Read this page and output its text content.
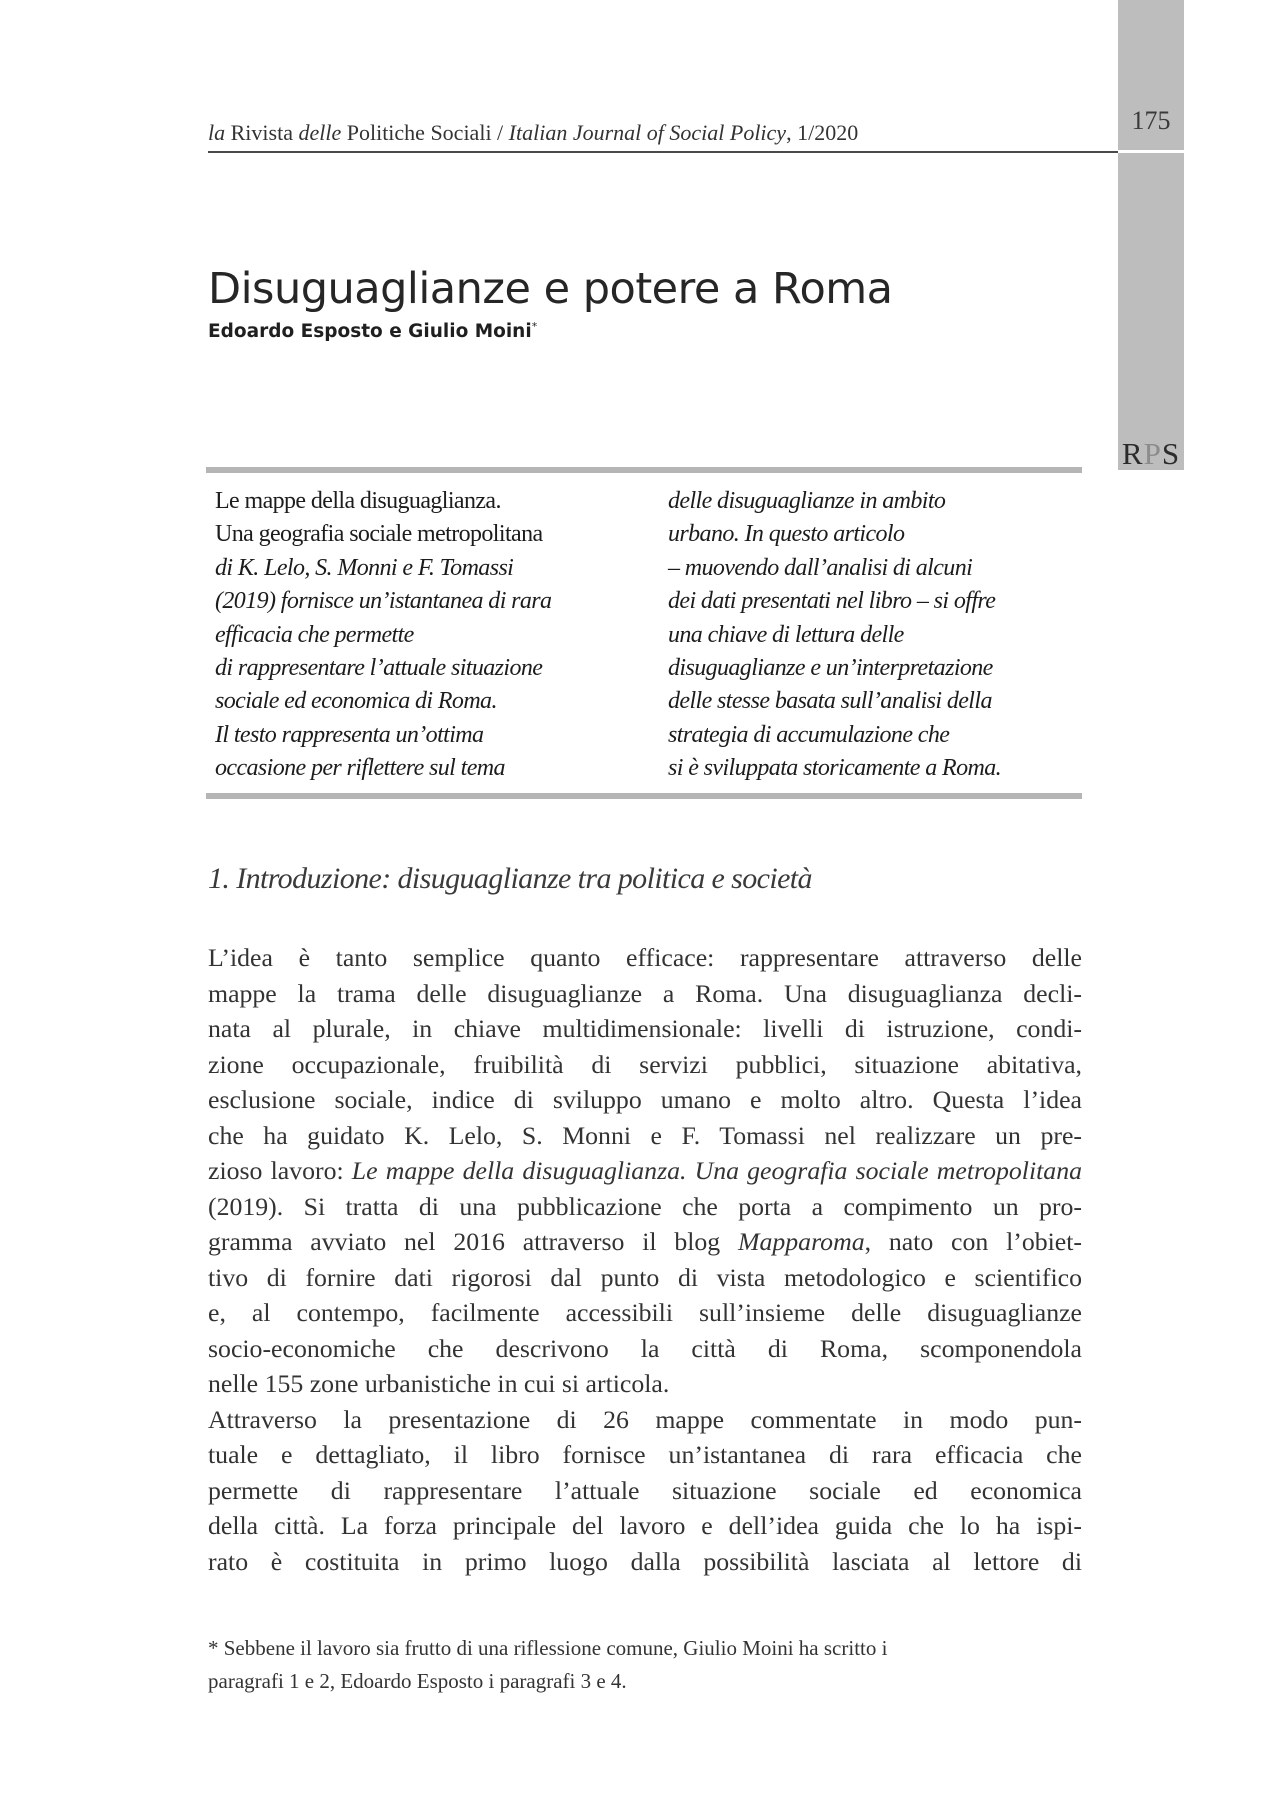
175
RPS
la Rivista delle Politiche Sociali / Italian Journal of Social Policy, 1/2020
Disuguaglianze e potere a Roma
Edoardo Esposto e Giulio Moini*
Le mappe della disuguaglianza.
Una geografia sociale metropolitana
di K. Lelo, S. Monni e F. Tomassi
(2019) fornisce un’istantanea di rara
efficacia che permette
di rappresentare l’attuale situazione
sociale ed economica di Roma.
Il testo rappresenta un’ottima
occasione per riflettere sul tema
delle disuguaglianze in ambito
urbano. In questo articolo
– muovendo dall’analisi di alcuni
dei dati presentati nel libro – si offre
una chiave di lettura delle
disuguaglianze e un’interpretazione
delle stesse basata sull’analisi della
strategia di accumulazione che
si è sviluppata storicamente a Roma.
1. Introduzione: disuguaglianze tra politica e società
L’idea è tanto semplice quanto efficace: rappresentare attraverso delle
mappe la trama delle disuguaglianze a Roma. Una disuguaglianza decli-
nata al plurale, in chiave multidimensionale: livelli di istruzione, condi-
zione occupazionale, fruibilità di servizi pubblici, situazione abitativa,
esclusione sociale, indice di sviluppo umano e molto altro. Questa l’idea
che ha guidato K. Lelo, S. Monni e F. Tomassi nel realizzare un pre-
zioso lavoro: Le mappe della disuguaglianza. Una geografia sociale metropolitana
(2019). Si tratta di una pubblicazione che porta a compimento un pro-
gramma avviato nel 2016 attraverso il blog Mapparoma, nato con l’obiet-
tivo di fornire dati rigorosi dal punto di vista metodologico e scientifico
e, al contempo, facilmente accessibili sull’insieme delle disuguaglianze
socio-economiche che descrivono la città di Roma, scomponendola
nelle 155 zone urbanistiche in cui si articola.
Attraverso la presentazione di 26 mappe commentate in modo pun-
tuale e dettagliato, il libro fornisce un’istantanea di rara efficacia che
permette di rappresentare l’attuale situazione sociale ed economica
della città. La forza principale del lavoro e dell’idea guida che lo ha ispi-
rato è costituita in primo luogo dalla possibilità lasciata al lettore di
* Sebbene il lavoro sia frutto di una riflessione comune, Giulio Moini ha scritto i
paragrafi 1 e 2, Edoardo Esposto i paragrafi 3 e 4.
